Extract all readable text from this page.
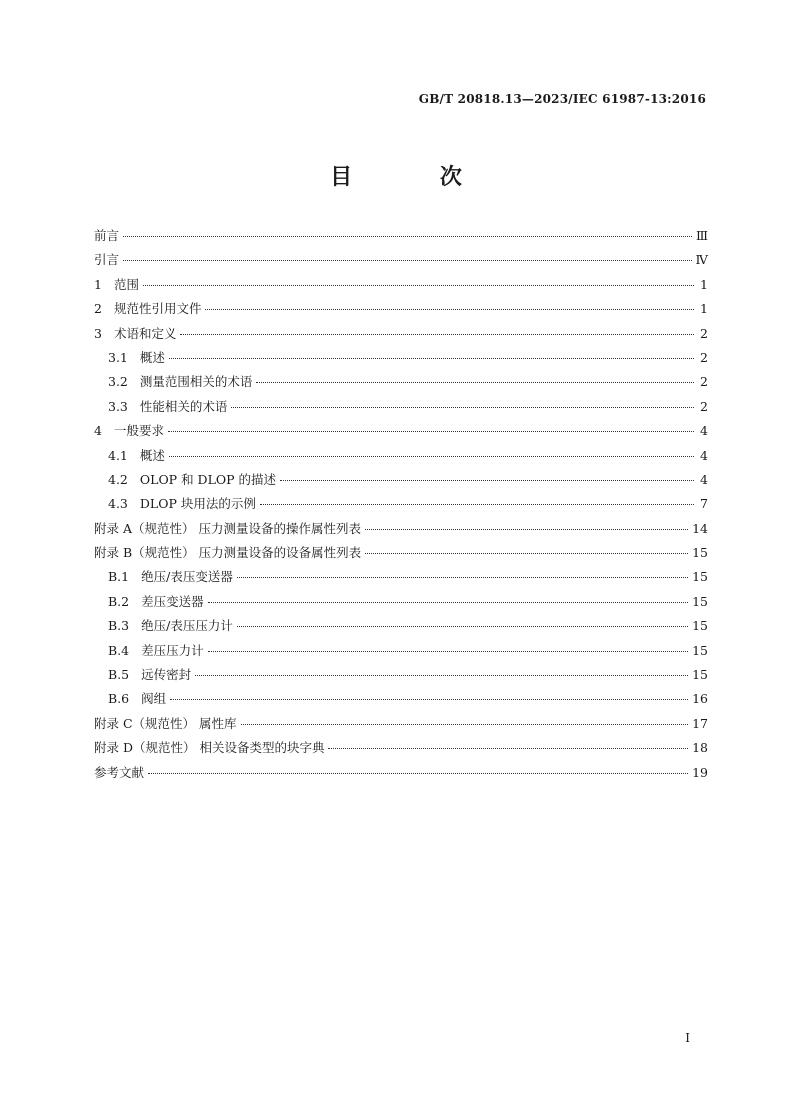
GB/T 20818.13—2023/IEC 61987-13:2016
目 次
前言	Ⅲ
引言	Ⅳ
1 范围	1
2 规范性引用文件	1
3 术语和定义	2
3.1 概述	2
3.2 测量范围相关的术语	2
3.3 性能相关的术语	2
4 一般要求	4
4.1 概述	4
4.2 OLOP 和 DLOP 的描述	4
4.3 DLOP 块用法的示例	7
附录 A（规范性） 压力测量设备的操作属性列表	14
附录 B（规范性） 压力测量设备的设备属性列表	15
B.1 绝压/表压变送器	15
B.2 差压变送器	15
B.3 绝压/表压压力计	15
B.4 差压压力计	15
B.5 远传密封	15
B.6 阀组	16
附录 C（规范性） 属性库	17
附录 D（规范性） 相关设备类型的块字典	18
参考文献	19
I
